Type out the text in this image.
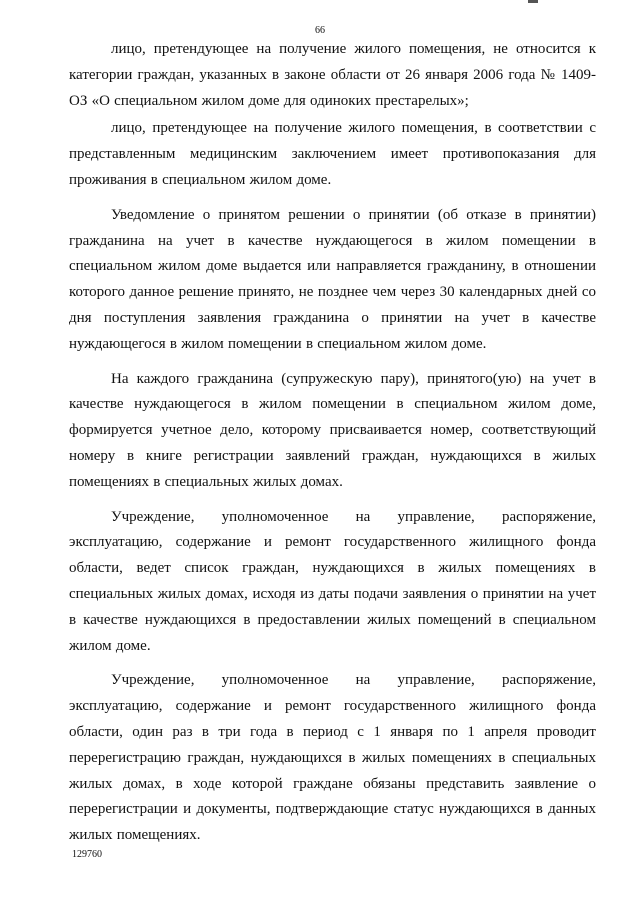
66

лицо, претендующее на получение жилого помещения, не относится к категории граждан, указанных в законе области от 26 января 2006 года № 1409-ОЗ «О специальном жилом доме для одиноких престарелых»;

лицо, претендующее на получение жилого помещения, в соответствии с представленным медицинским заключением имеет противопоказания для проживания в специальном жилом доме.

Уведомление о принятом решении о принятии (об отказе в принятии) гражданина на учет в качестве нуждающегося в жилом помещении в специальном жилом доме выдается или направляется гражданину, в отношении которого данное решение принято, не позднее чем через 30 календарных дней со дня поступления заявления гражданина о принятии на учет в качестве нуждающегося в жилом помещении в специальном жилом доме.

На каждого гражданина (супружескую пару), принятого(ую) на учет в качестве нуждающегося в жилом помещении в специальном жилом доме, формируется учетное дело, которому присваивается номер, соответствующий номеру в книге регистрации заявлений граждан, нуждающихся в жилых помещениях в специальных жилых домах.

Учреждение, уполномоченное на управление, распоряжение, эксплуатацию, содержание и ремонт государственного жилищного фонда области, ведет список граждан, нуждающихся в жилых помещениях в специальных жилых домах, исходя из даты подачи заявления о принятии на учет в качестве нуждающихся в предоставлении жилых помещений в специальном жилом доме.

Учреждение, уполномоченное на управление, распоряжение, эксплуатацию, содержание и ремонт государственного жилищного фонда области, один раз в три года в период с 1 января по 1 апреля проводит перерегистрацию граждан, нуждающихся в жилых помещениях в специальных жилых домах, в ходе которой граждане обязаны представить заявление о перерегистрации и документы, подтверждающие статус нуждающихся в данных жилых помещениях.

129760
